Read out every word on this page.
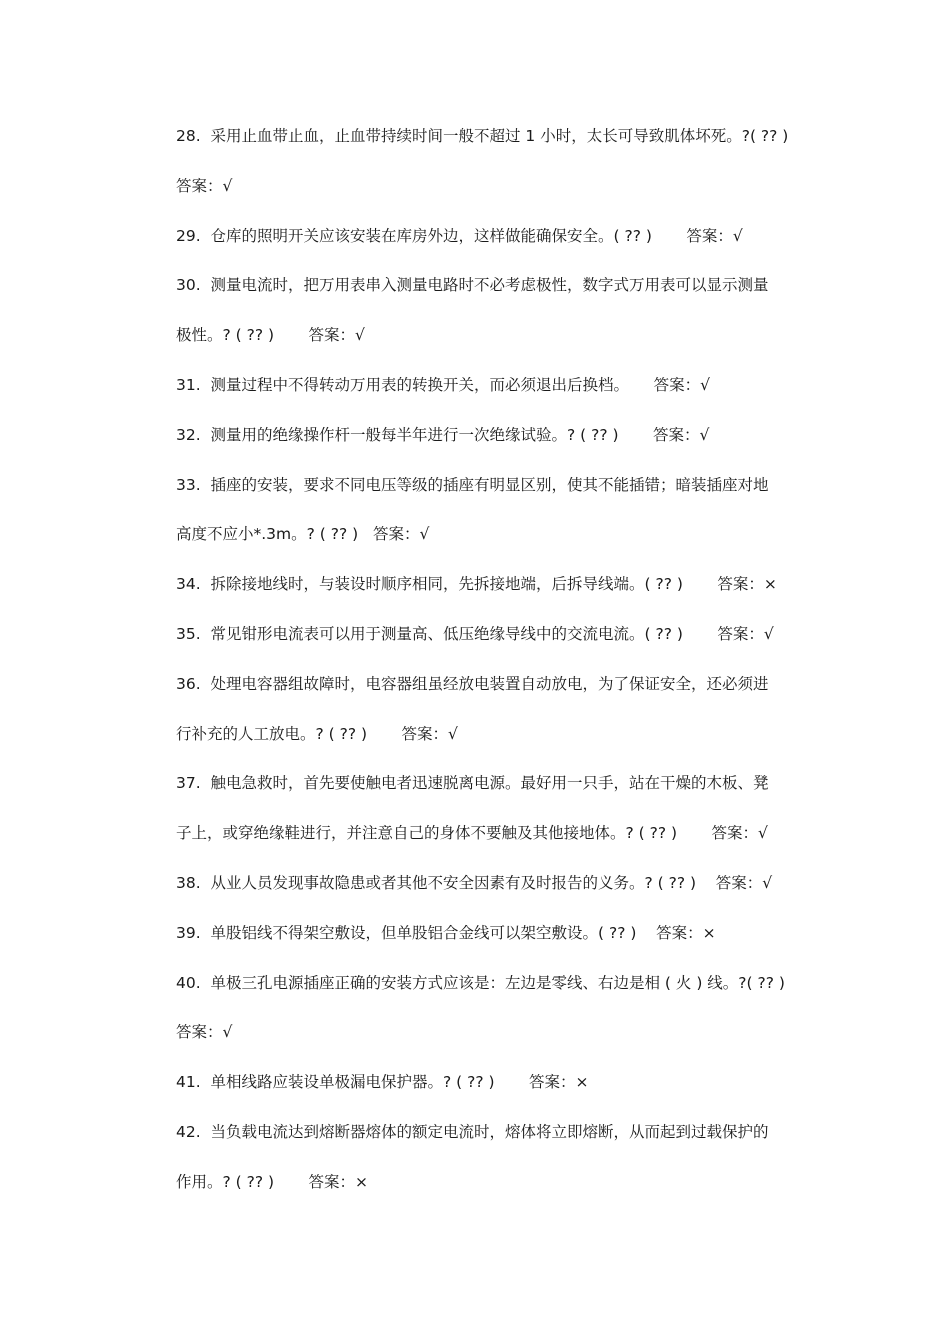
28.  采用止血带止血，止血带持续时间一般不超过 1 小时，太长可导致肌体坏死。?( ?? )
答案：√
29.  仓库的照明开关应该安装在库房外边，这样做能确保安全。( ?? )       答案：√
30.  测量电流时，把万用表串入测量电路时不必考虑极性，数字式万用表可以显示测量
极性。? ( ?? )       答案：√
31.  测量过程中不得转动万用表的转换开关，而必须退出后换档。     答案：√
32.  测量用的绝缘操作杆一般每半年进行一次绝缘试验。? ( ?? )       答案：√
33.  插座的安装，要求不同电压等级的插座有明显区别，使其不能插错；暗装插座对地
高度不应小*.3m。? ( ?? )   答案：√
34.  拆除接地线时，与装设时顺序相同，先拆接地端，后拆导线端。( ?? )       答案：×
35.  常见钳形电流表可以用于测量高、低压绝缘导线中的交流电流。( ?? )       答案：√
36.  处理电容器组故障时，电容器组虽经放电装置自动放电，为了保证安全，还必须进
行补充的人工放电。? ( ?? )       答案：√
37.  触电急救时，首先要使触电者迅速脱离电源。最好用一只手，站在干燥的木板、凳
子上，或穿绝缘鞋进行，并注意自己的身体不要触及其他接地体。? ( ?? )       答案：√
38.  从业人员发现事故隐患或者其他不安全因素有及时报告的义务。? ( ?? )    答案：√
39.  单股铝线不得架空敷设，但单股铝合金线可以架空敷设。( ?? )    答案：×
40.  单极三孔电源插座正确的安装方式应该是：左边是零线、右边是相 ( 火 ) 线。?( ?? )
答案：√
41.  单相线路应装设单极漏电保护器。? ( ?? )       答案：×
42.  当负载电流达到熔断器熔体的额定电流时，熔体将立即熔断，从而起到过载保护的
作用。? ( ?? )       答案：×
